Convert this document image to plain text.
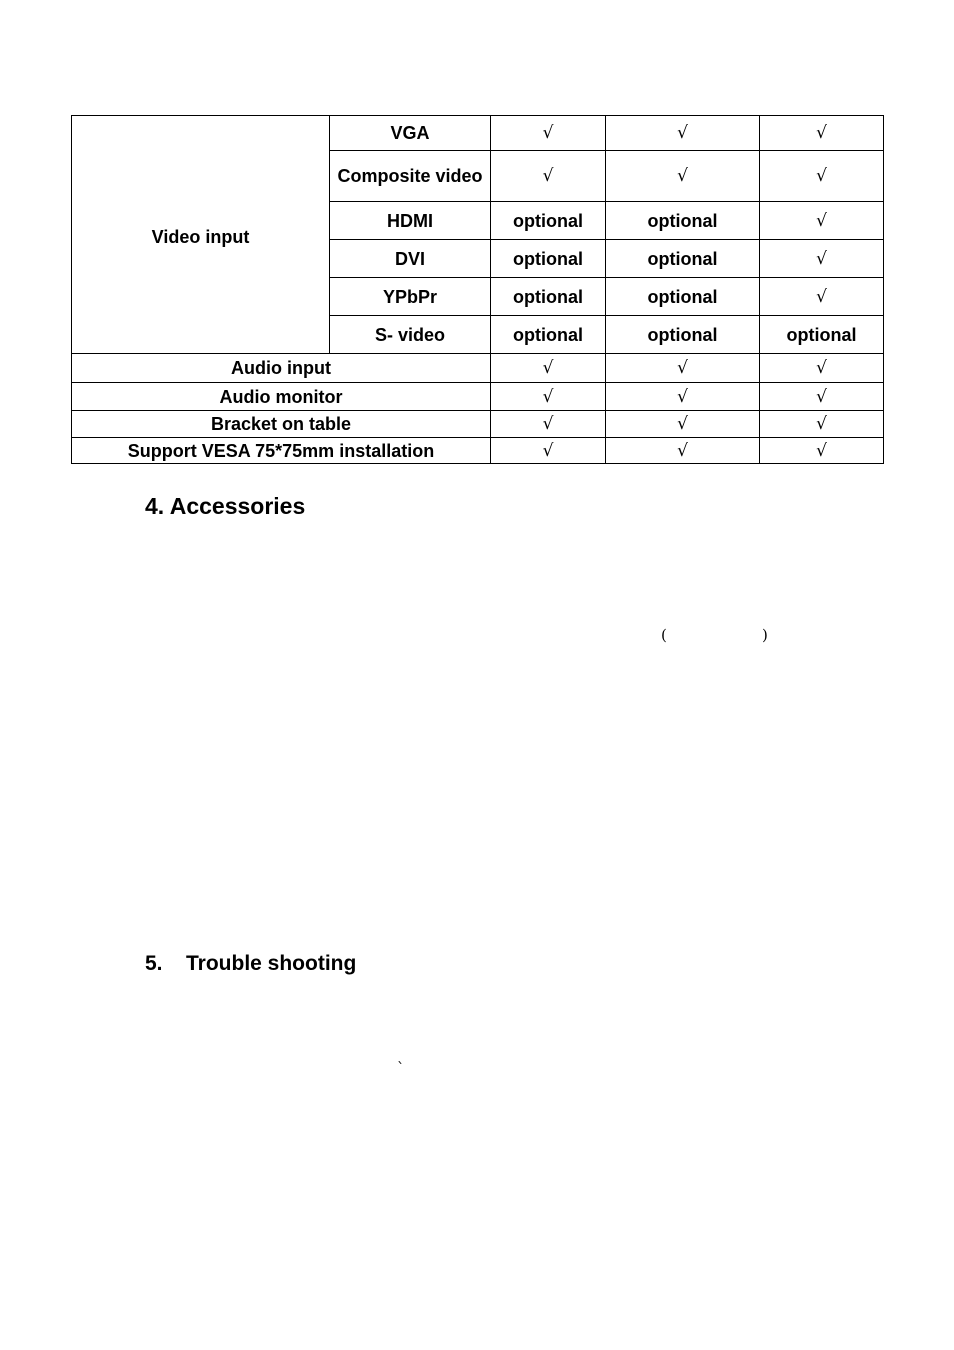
Video input	VGA	√	√	√
	Composite video	√	√	√
	HDMI	optional	optional	√
	DVI	optional	optional	√
	YPbPr	optional	optional	√
	S- video	optional	optional	optional
Audio input		√	√	√
Audio monitor		√	√	√
Bracket on table		√	√	√
Support VESA 75*75mm installation		√	√	√
4. Accessories
(	)
5. Trouble shooting
`
